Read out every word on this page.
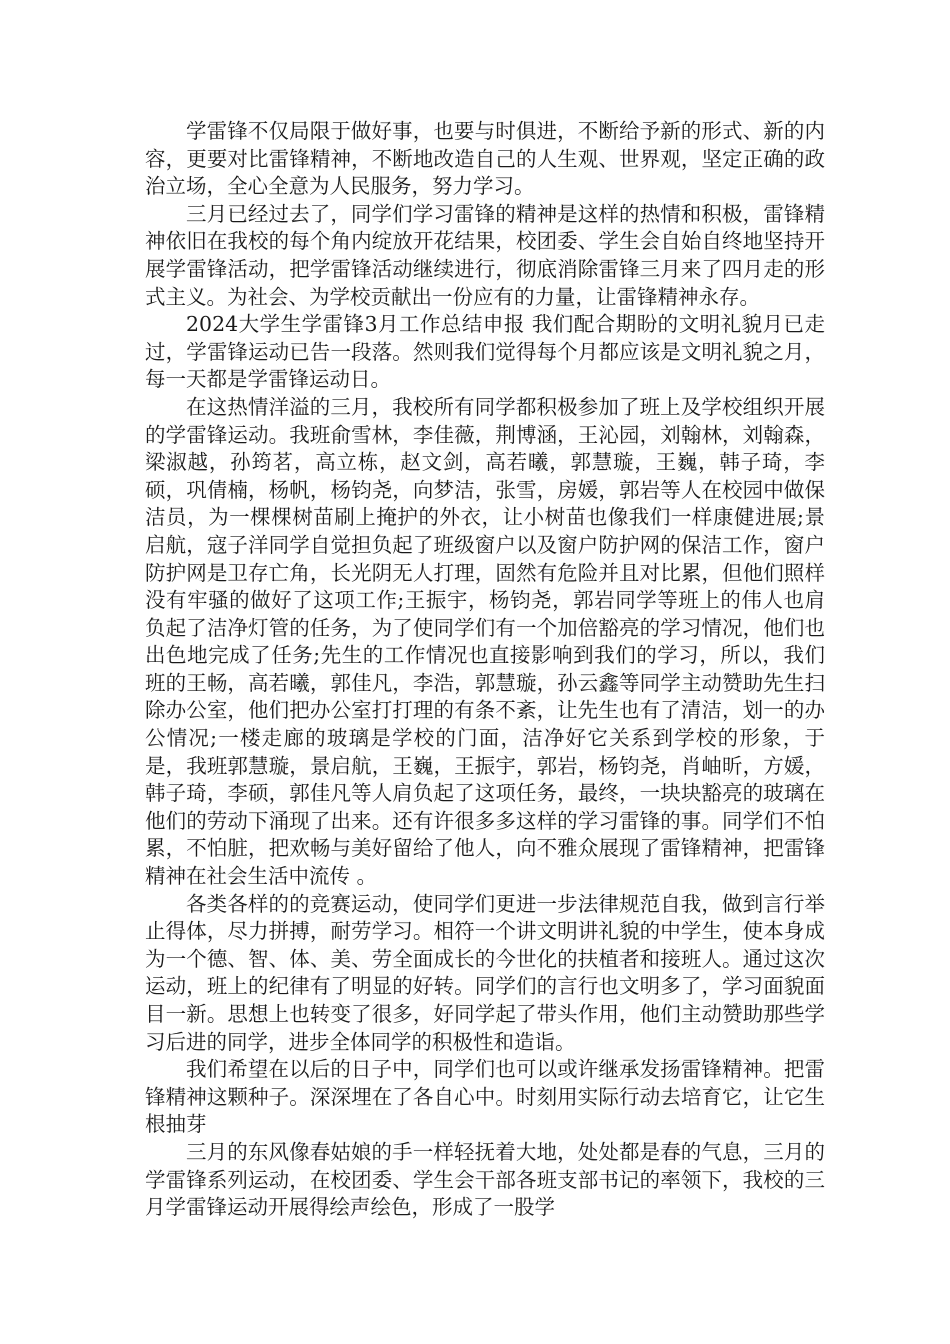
学雷锋不仅局限于做好事，也要与时俱进，不断给予新的形式、新的内容，更要对比雷锋精神，不断地改造自己的人生观、世界观，坚定正确的政治立场，全心全意为人民服务，努力学习。

三月已经过去了，同学们学习雷锋的精神是这样的热情和积极，雷锋精神依旧在我校的每个角内绽放开花结果，校团委、学生会自始自终地坚持开展学雷锋活动，把学雷锋活动继续进行，彻底消除雷锋三月来了四月走的形式主义。为社会、为学校贡献出一份应有的力量，让雷锋精神永存。

2024大学生学雷锋3月工作总结申报 我们配合期盼的文明礼貌月已走过，学雷锋运动已告一段落。然则我们觉得每个月都应该是文明礼貌之月，每一天都是学雷锋运动日。

在这热情洋溢的三月，我校所有同学都积极参加了班上及学校组织开展的学雷锋运动。我班俞雪林，李佳薇，荆博涵，王沁园，刘翰林，刘翰森，梁淑越，孙筠茗，高立栋，赵文剑，高若曦，郭慧璇，王巍，韩子琦，李硕，巩倩楠，杨帆，杨钧尧，向梦洁，张雪，房媛，郭岩等人在校园中做保洁员，为一棵棵树苗刷上掩护的外衣，让小树苗也像我们一样康健进展;景启航，寇子洋同学自觉担负起了班级窗户以及窗户防护网的保洁工作，窗户防护网是卫存亡角，长光阴无人打理，固然有危险并且对比累，但他们照样没有牢骚的做好了这项工作;王振宇，杨钧尧，郭岩同学等班上的伟人也肩负起了洁净灯管的任务，为了使同学们有一个加倍豁亮的学习情况，他们也出色地完成了任务;先生的工作情况也直接影响到我们的学习，所以，我们班的王畅，高若曦，郭佳凡，李浩，郭慧璇，孙云鑫等同学主动赞助先生扫除办公室，他们把办公室打打理的有条不紊，让先生也有了清洁，划一的办公情况;一楼走廊的玻璃是学校的门面，洁净好它关系到学校的形象，于是，我班郭慧璇，景启航，王巍，王振宇，郭岩，杨钧尧，肖岫昕，方媛，韩子琦，李硕，郭佳凡等人肩负起了这项任务，最终，一块块豁亮的玻璃在他们的劳动下涌现了出来。还有许很多多这样的学习雷锋的事。同学们不怕累，不怕脏，把欢畅与美好留给了他人，向不雅众展现了雷锋精神，把雷锋精神在社会生活中流传 。

各类各样的的竞赛运动，使同学们更进一步法律规范自我，做到言行举止得体，尽力拼搏，耐劳学习。相符一个讲文明讲礼貌的中学生，使本身成为一个德、智、体、美、劳全面成长的今世化的扶植者和接班人。通过这次运动，班上的纪律有了明显的好转。同学们的言行也文明多了，学习面貌面目一新。思想上也转变了很多，好同学起了带头作用，他们主动赞助那些学习后进的同学，进步全体同学的积极性和造诣。

我们希望在以后的日子中，同学们也可以或许继承发扬雷锋精神。把雷锋精神这颗种子。深深埋在了各自心中。时刻用实际行动去培育它，让它生根抽芽

三月的东风像春姑娘的手一样轻抚着大地，处处都是春的气息，三月的学雷锋系列运动，在校团委、学生会干部各班支部书记的率领下，我校的三月学雷锋运动开展得绘声绘色，形成了一股学
